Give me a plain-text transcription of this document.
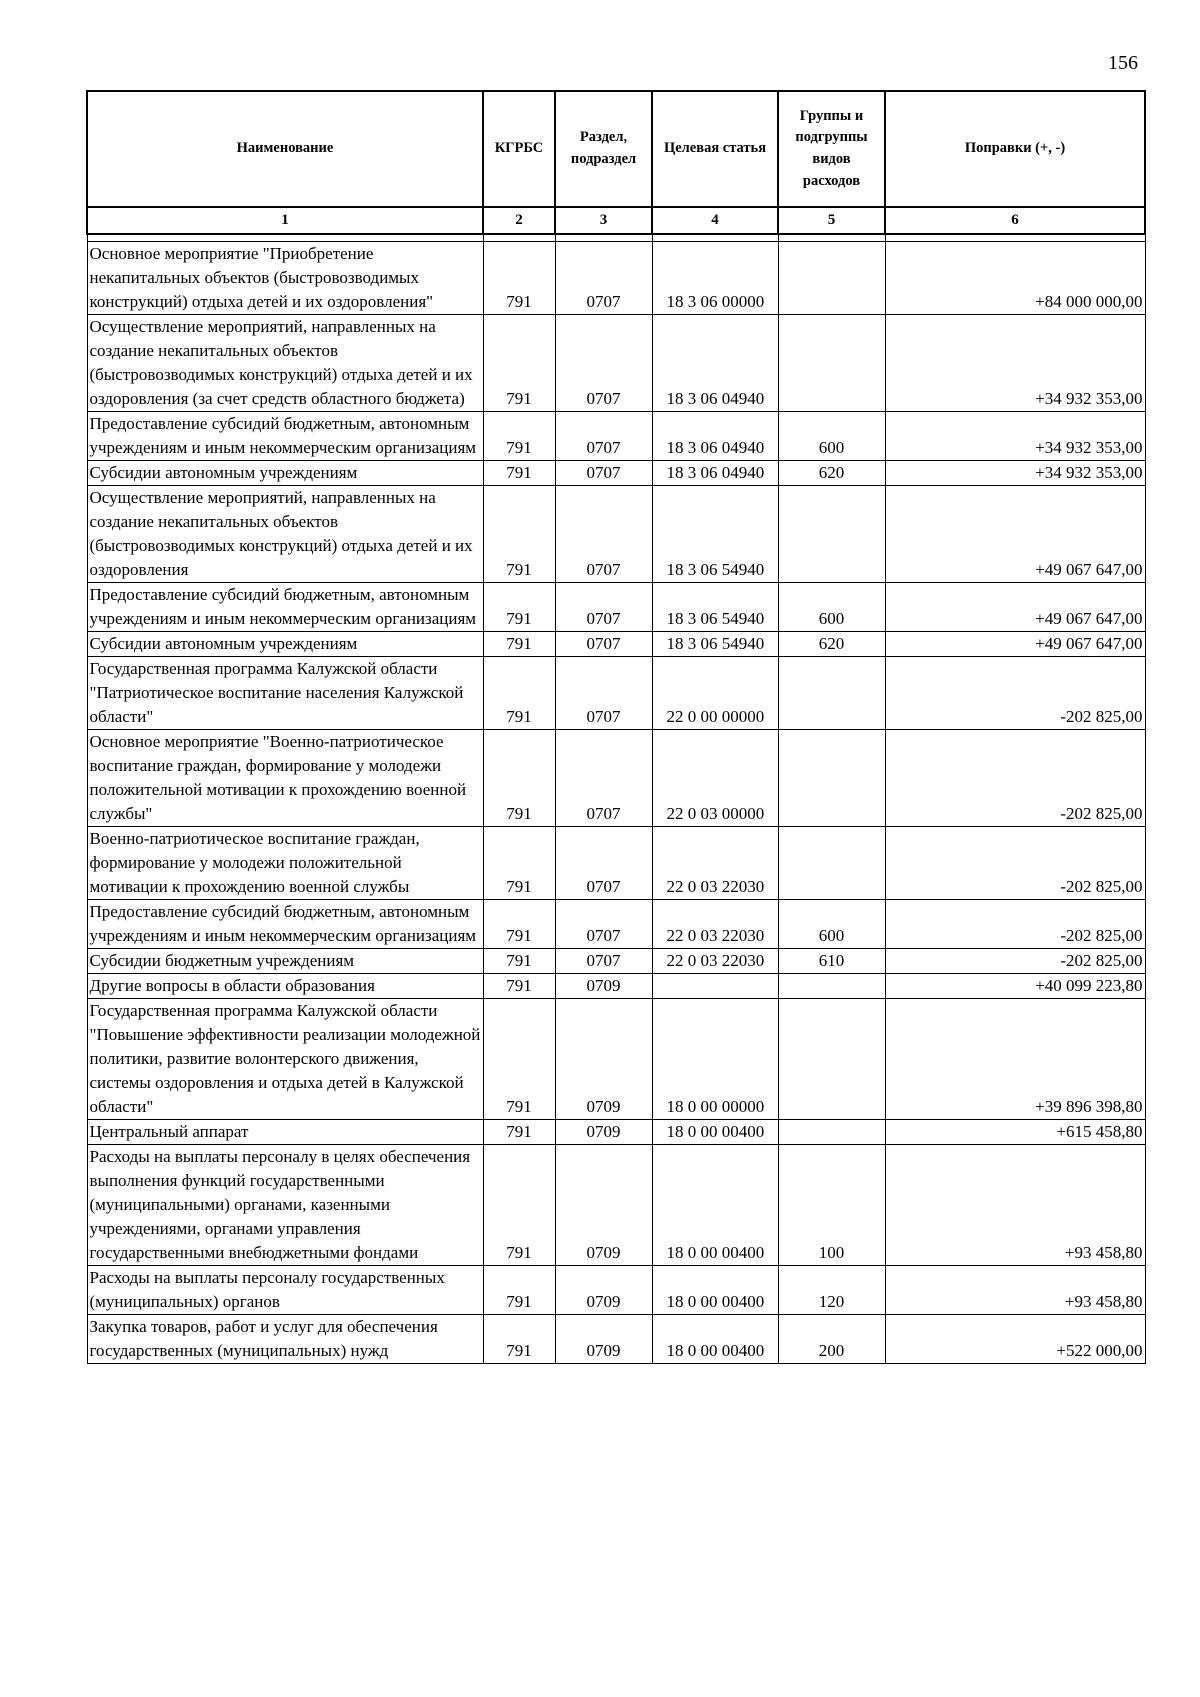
156
Наименование	КГРБС	Раздел, подраздел	Целевая статья	Группы и подгруппы видов расходов	Поправки (+, -)
1	2	3	4	5	6

Основное мероприятие "Приобретение некапитальных объектов (быстровозводимых конструкций) отдыха детей и их оздоровления"	791	0707	18 3 06 00000		+84 000 000,00
Осуществление мероприятий, направленных на создание некапитальных объектов (быстровозводимых конструкций) отдыха детей и их оздоровления (за счет средств областного бюджета)	791	0707	18 3 06 04940		+34 932 353,00
Предоставление субсидий бюджетным, автономным учреждениям и иным некоммерческим организациям	791	0707	18 3 06 04940	600	+34 932 353,00
Субсидии автономным учреждениям	791	0707	18 3 06 04940	620	+34 932 353,00
Осуществление мероприятий, направленных на создание некапитальных объектов (быстровозводимых конструкций) отдыха детей и их оздоровления	791	0707	18 3 06 54940		+49 067 647,00
Предоставление субсидий бюджетным, автономным учреждениям и иным некоммерческим организациям	791	0707	18 3 06 54940	600	+49 067 647,00
Субсидии автономным учреждениям	791	0707	18 3 06 54940	620	+49 067 647,00
Государственная программа Калужской области "Патриотическое воспитание населения Калужской области"	791	0707	22 0 00 00000		-202 825,00
Основное мероприятие "Военно-патриотическое воспитание граждан, формирование у молодежи положительной мотивации к прохождению военной службы"	791	0707	22 0 03 00000		-202 825,00
Военно-патриотическое воспитание граждан, формирование у молодежи положительной мотивации к прохождению военной службы	791	0707	22 0 03 22030		-202 825,00
Предоставление субсидий бюджетным, автономным учреждениям и иным некоммерческим организациям	791	0707	22 0 03 22030	600	-202 825,00
Субсидии бюджетным учреждениям	791	0707	22 0 03 22030	610	-202 825,00
Другие вопросы в области образования	791	0709			+40 099 223,80
Государственная программа Калужской области "Повышение эффективности реализации молодежной политики, развитие волонтерского движения, системы оздоровления и отдыха детей в Калужской области"	791	0709	18 0 00 00000		+39 896 398,80
Центральный аппарат	791	0709	18 0 00 00400		+615 458,80
Расходы на выплаты персоналу в целях обеспечения выполнения функций государственными (муниципальными) органами, казенными учреждениями, органами управления государственными внебюджетными фондами	791	0709	18 0 00 00400	100	+93 458,80
Расходы на выплаты персоналу государственных (муниципальных) органов	791	0709	18 0 00 00400	120	+93 458,80
Закупка товаров, работ и услуг для обеспечения государственных (муниципальных) нужд	791	0709	18 0 00 00400	200	+522 000,00
